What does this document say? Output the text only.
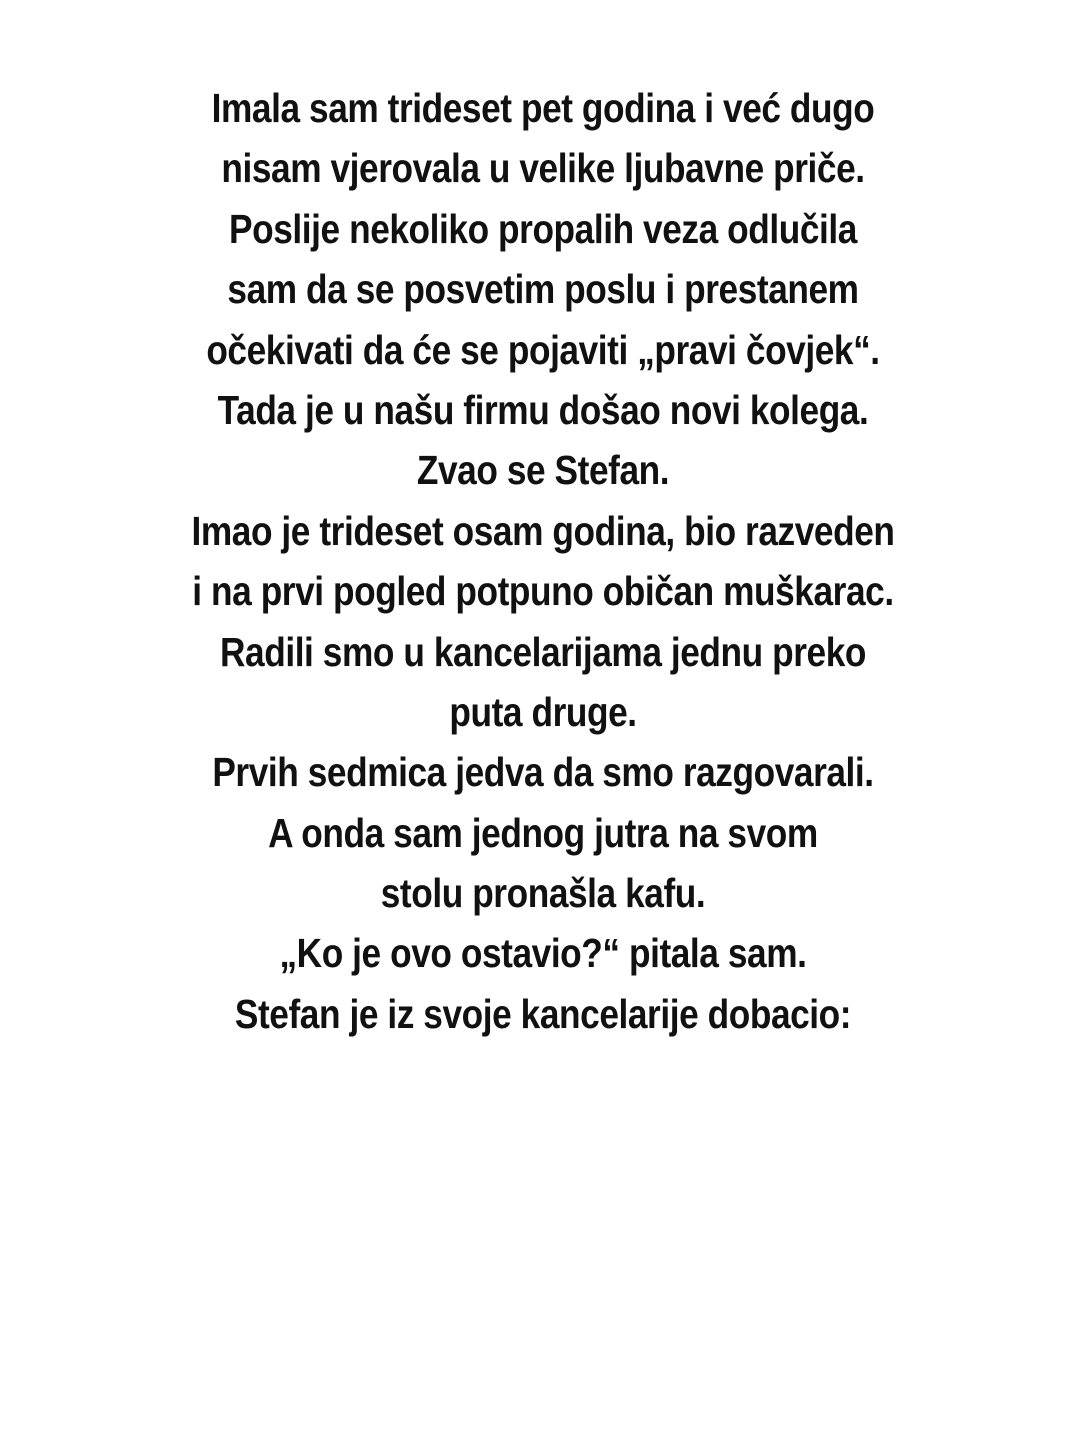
Imala sam trideset pet godina i već dugo
nisam vjerovala u velike ljubavne priče.
Poslije nekoliko propalih veza odlučila
sam da se posvetim poslu i prestanem
očekivati da će se pojaviti „pravi čovjek“.
Tada je u našu firmu došao novi kolega.
Zvao se Stefan.
Imao je trideset osam godina, bio razveden
i na prvi pogled potpuno običan muškarac.
Radili smo u kancelarijama jednu preko
puta druge.
Prvih sedmica jedva da smo razgovarali.
A onda sam jednog jutra na svom
stolu pronašla kafu.
„Ko je ovo ostavio?“ pitala sam.
Stefan je iz svoje kancelarije dobacio:
